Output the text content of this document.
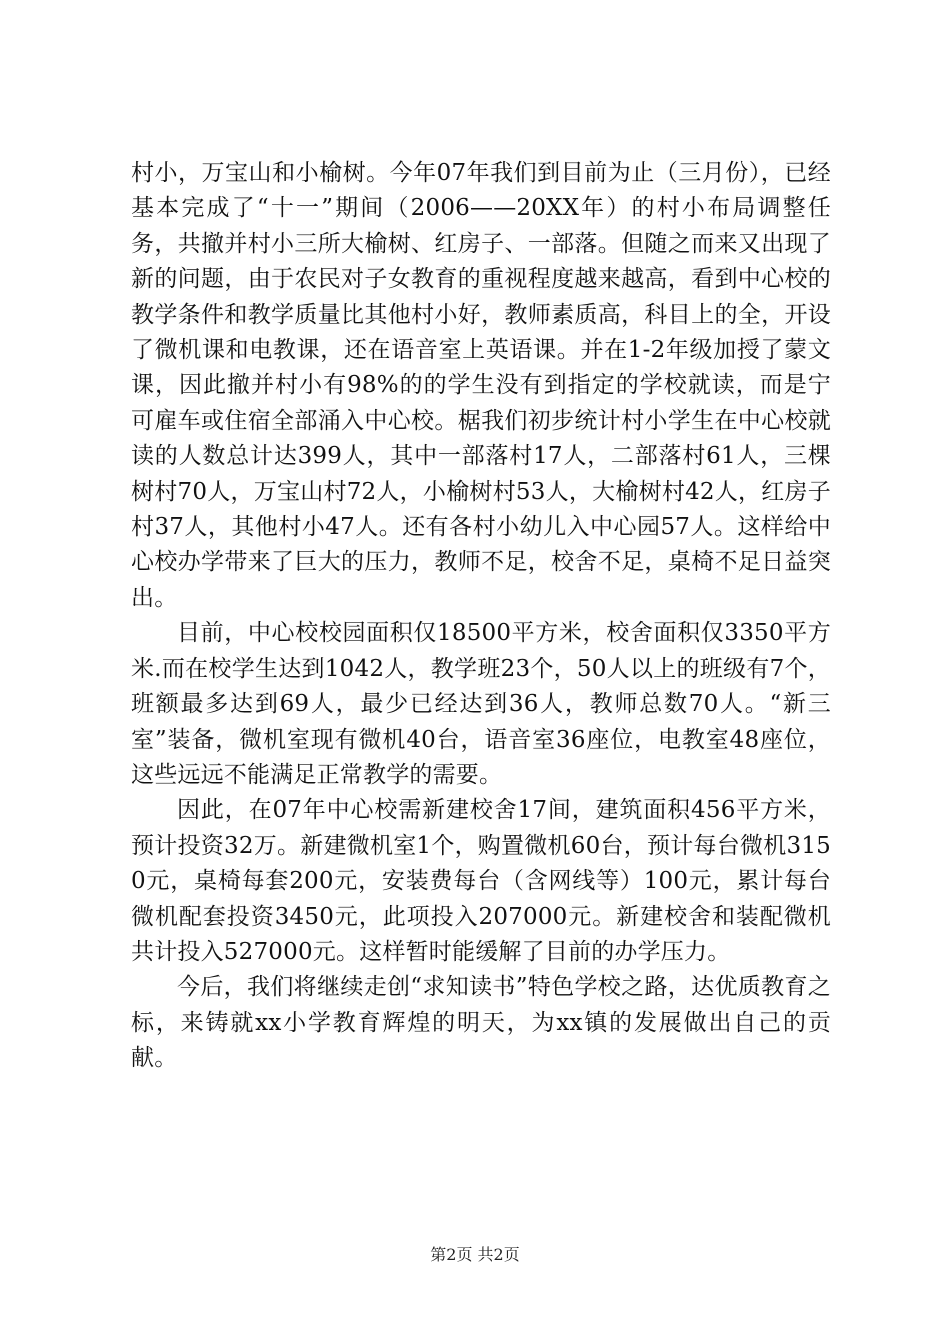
村小，万宝山和小榆树。今年07年我们到目前为止（三月份），已经基本完成了“十一”期间（2006——20XX年）的村小布局调整任务，共撤并村小三所大榆树、红房子、一部落。但随之而来又出现了新的问题，由于农民对子女教育的重视程度越来越高，看到中心校的教学条件和教学质量比其他村小好，教师素质高，科目上的全，开设了微机课和电教课，还在语音室上英语课。并在1-2年级加授了蒙文课，因此撤并村小有98%的的学生没有到指定的学校就读，而是宁可雇车或住宿全部涌入中心校。椐我们初步统计村小学生在中心校就读的人数总计达399人，其中一部落村17人，二部落村61人，三棵树村70人，万宝山村72人，小榆树村53人，大榆树村42人，红房子村37人，其他村小47人。还有各村小幼儿入中心园57人。这样给中心校办学带来了巨大的压力，教师不足，校舍不足，桌椅不足日益突出。

目前，中心校校园面积仅18500平方米，校舍面积仅3350平方米.而在校学生达到1042人，教学班23个，50人以上的班级有7个，班额最多达到69人，最少已经达到36人，教师总数70人。“新三室”装备，微机室现有微机40台，语音室36座位，电教室48座位，这些远远不能满足正常教学的需要。

因此，在07年中心校需新建校舍17间，建筑面积456平方米，预计投资32万。新建微机室1个，购置微机60台，预计每台微机3150元，桌椅每套200元，安装费每台（含网线等）100元，累计每台微机配套投资3450元，此项投入207000元。新建校舍和装配微机共计投入527000元。这样暂时能缓解了目前的办学压力。

今后，我们将继续走创“求知读书”特色学校之路，达优质教育之标，来铸就xx小学教育辉煌的明天，为xx镇的发展做出自己的贡献。

第2页 共2页
